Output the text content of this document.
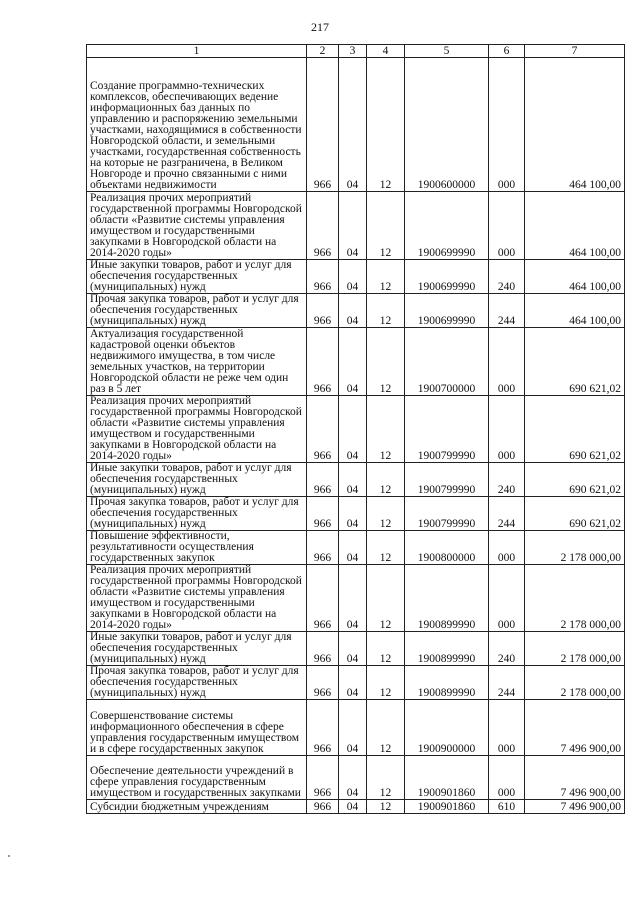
217
1	2	3	4	5	6	7
Создание программно-технических комплексов, обеспечивающих ведение информационных баз данных по управлению и распоряжению земельными участками, находящимися в собственности Новгородской области, и земельными участками, государственная собственность на которые не разграничена, в Великом Новгороде и прочно связанными с ними объектами недвижимости	966	04	12	1900600000	000	464 100,00
Реализация прочих мероприятий государственной программы Новгородской области «Развитие системы управления имуществом и государственными закупками в Новгородской области на 2014-2020 годы»	966	04	12	1900699990	000	464 100,00
Иные закупки товаров, работ и услуг для обеспечения государственных (муниципальных) нужд	966	04	12	1900699990	240	464 100,00
Прочая закупка товаров, работ и услуг для обеспечения государственных (муниципальных) нужд	966	04	12	1900699990	244	464 100,00
Актуализация государственной кадастровой оценки объектов недвижимого имущества, в том числе земельных участков, на территории Новгородской области не реже чем один раз в 5 лет	966	04	12	1900700000	000	690 621,02
Реализация прочих мероприятий государственной программы Новгородской области «Развитие системы управления имуществом и государственными закупками в Новгородской области на 2014-2020 годы»	966	04	12	1900799990	000	690 621,02
Иные закупки товаров, работ и услуг для обеспечения государственных (муниципальных) нужд	966	04	12	1900799990	240	690 621,02
Прочая закупка товаров, работ и услуг для обеспечения государственных (муниципальных) нужд	966	04	12	1900799990	244	690 621,02
Повышение эффективности, результативности осуществления государственных закупок	966	04	12	1900800000	000	2 178 000,00
Реализация прочих мероприятий государственной программы Новгородской области «Развитие системы управления имуществом и государственными закупками в Новгородской области на 2014-2020 годы»	966	04	12	1900899990	000	2 178 000,00
Иные закупки товаров, работ и услуг для обеспечения государственных (муниципальных) нужд	966	04	12	1900899990	240	2 178 000,00
Прочая закупка товаров, работ и услуг для обеспечения государственных (муниципальных) нужд	966	04	12	1900899990	244	2 178 000,00
Совершенствование системы информационного обеспечения в сфере управления государственным имуществом и в сфере государственных закупок	966	04	12	1900900000	000	7 496 900,00
Обеспечение деятельности учреждений в сфере управления государственным имуществом и государственных закупками	966	04	12	1900901860	000	7 496 900,00
Субсидии бюджетным учреждениям	966	04	12	1900901860	610	7 496 900,00
